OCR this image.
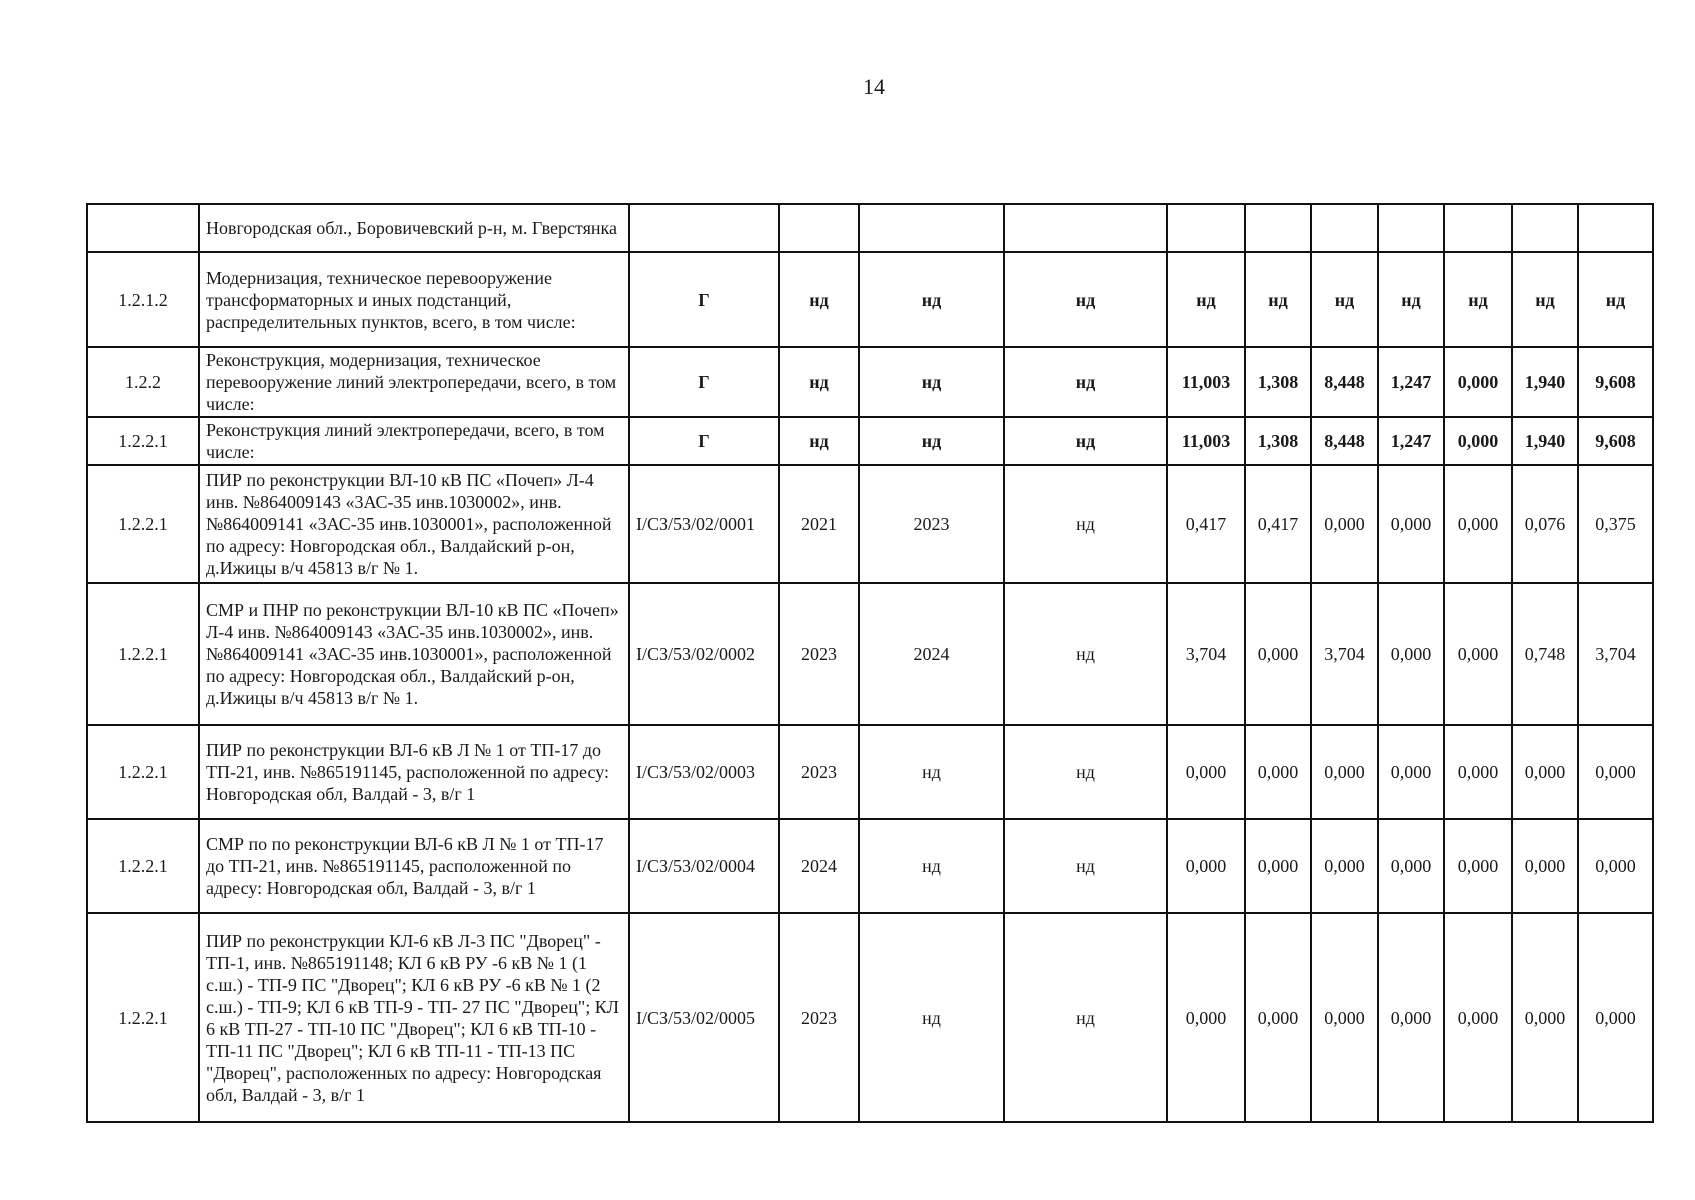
14
	Новгородская обл., Боровичевский р-н, м. Гверстянка											
1.2.1.2	Модернизация, техническое перевооружение трансформаторных и иных подстанций, распределительных пунктов, всего, в том числе:	Г	нд	нд	нд	нд	нд	нд	нд	нд	нд	нд
1.2.2	Реконструкция, модернизация, техническое перевооружение линий электропередачи, всего, в том числе:	Г	нд	нд	нд	11,003	1,308	8,448	1,247	0,000	1,940	9,608
1.2.2.1	Реконструкция линий электропередачи, всего, в том числе:	Г	нд	нд	нд	11,003	1,308	8,448	1,247	0,000	1,940	9,608
1.2.2.1	ПИР по реконструкции ВЛ-10 кВ ПС «Почеп» Л-4 инв. №864009143 «3АС-35 инв.1030002», инв. №864009141 «3АС-35 инв.1030001», расположенной по адресу: Новгородская обл., Валдайский р-он, д.Ижицы в/ч 45813 в/г № 1.	I/СЗ/53/02/0001	2021	2023	нд	0,417	0,417	0,000	0,000	0,000	0,076	0,375
1.2.2.1	СМР и ПНР по реконструкции ВЛ-10 кВ ПС «Почеп» Л-4 инв. №864009143 «3АС-35 инв.1030002», инв. №864009141 «3АС-35 инв.1030001», расположенной по адресу: Новгородская обл., Валдайский р-он, д.Ижицы в/ч 45813 в/г № 1.	I/СЗ/53/02/0002	2023	2024	нд	3,704	0,000	3,704	0,000	0,000	0,748	3,704
1.2.2.1	ПИР по реконструкции ВЛ-6 кВ Л № 1 от ТП-17 до ТП-21, инв. №865191145, расположенной по адресу: Новгородская обл, Валдай - 3, в/г 1	I/СЗ/53/02/0003	2023	нд	нд	0,000	0,000	0,000	0,000	0,000	0,000	0,000
1.2.2.1	СМР по по реконструкции ВЛ-6 кВ Л № 1 от ТП-17 до ТП-21, инв. №865191145, расположенной по адресу: Новгородская обл, Валдай - 3, в/г 1	I/СЗ/53/02/0004	2024	нд	нд	0,000	0,000	0,000	0,000	0,000	0,000	0,000
1.2.2.1	ПИР по реконструкции КЛ-6 кВ Л-3 ПС "Дворец" - ТП-1, инв. №865191148; КЛ 6 кВ РУ -6 кВ № 1 (1 с.ш.) - ТП-9 ПС "Дворец"; КЛ 6 кВ РУ -6 кВ № 1 (2 с.ш.) - ТП-9; КЛ 6 кВ ТП-9 - ТП- 27 ПС "Дворец"; КЛ 6 кВ ТП-27 - ТП-10 ПС "Дворец"; КЛ 6 кВ ТП-10 - ТП-11 ПС "Дворец"; КЛ 6 кВ ТП-11 - ТП-13 ПС "Дворец", расположенных по адресу: Новгородская обл, Валдай - 3, в/г 1	I/СЗ/53/02/0005	2023	нд	нд	0,000	0,000	0,000	0,000	0,000	0,000	0,000
